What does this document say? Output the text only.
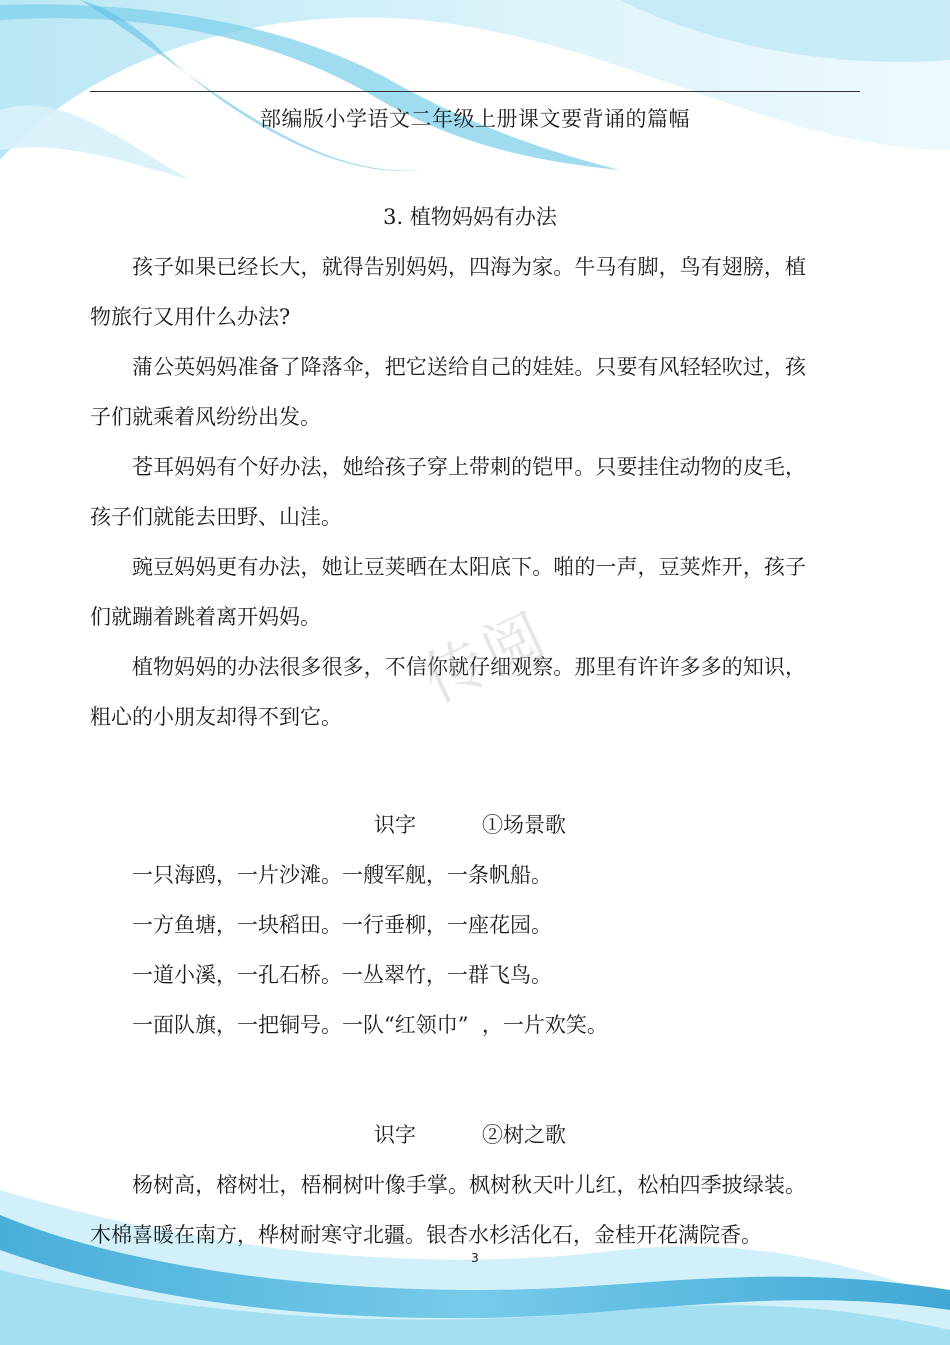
部编版小学语文二年级上册课文要背诵的篇幅
3. 植物妈妈有办法

孩子如果已经长大，就得告别妈妈，四海为家。牛马有脚，鸟有翅膀，植物旅行又用什么办法?

蒲公英妈妈准备了降落伞，把它送给自己的娃娃。只要有风轻轻吹过，孩子们就乘着风纷纷出发。

苍耳妈妈有个好办法，她给孩子穿上带刺的铠甲。只要挂住动物的皮毛，孩子们就能去田野、山洼。

豌豆妈妈更有办法，她让豆荚晒在太阳底下。啪的一声，豆荚炸开，孩子们就蹦着跳着离开妈妈。

植物妈妈的办法很多很多，不信你就仔细观察。那里有许许多多的知识，粗心的小朋友却得不到它。

识字	①场景歌
一只海鸥，一片沙滩。一艘军舰，一条帆船。
一方鱼塘，一块稻田。一行垂柳，一座花园。
一道小溪，一孔石桥。一丛翠竹，一群飞鸟。
一面队旗，一把铜号。一队“红领巾”  ，一片欢笑。
识字	②树之歌

杨树高，榕树壮，梧桐树叶像手掌。枫树秋天叶儿红，松柏四季披绿装。木棉喜暖在南方，桦树耐寒守北疆。银杏水杉活化石，金桂开花满院香。

传阅
3
